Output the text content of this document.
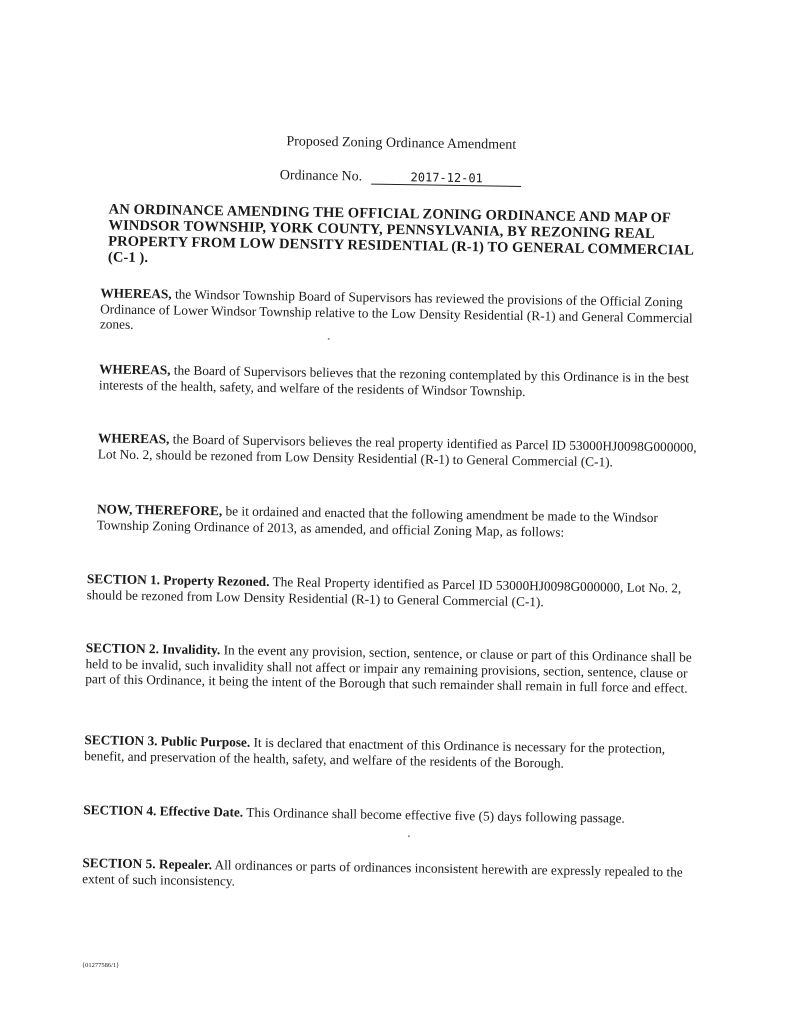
Proposed Zoning Ordinance Amendment
Ordinance No.	2017-12-01
AN ORDINANCE AMENDING THE OFFICIAL ZONING ORDINANCE AND MAP OF WINDSOR TOWNSHIP, YORK COUNTY, PENNSYLVANIA, BY REZONING REAL PROPERTY FROM LOW DENSITY RESIDENTIAL (R-1) TO GENERAL COMMERCIAL (C-1 ).
WHEREAS, the Windsor Township Board of Supervisors has reviewed the provisions of the Official Zoning Ordinance of Lower Windsor Township relative to the Low Density Residential (R-1) and General Commercial zones.
WHEREAS, the Board of Supervisors believes that the rezoning contemplated by this Ordinance is in the best interests of the health, safety, and welfare of the residents of Windsor Township.
WHEREAS, the Board of Supervisors believes the real property identified as Parcel ID 53000HJ0098G000000, Lot No. 2, should be rezoned from Low Density Residential (R-1) to General Commercial (C-1).
NOW, THEREFORE, be it ordained and enacted that the following amendment be made to the Windsor Township Zoning Ordinance of 2013, as amended, and official Zoning Map, as follows:
SECTION 1. Property Rezoned. The Real Property identified as Parcel ID 53000HJ0098G000000, Lot No. 2, should be rezoned from Low Density Residential (R-1) to General Commercial (C-1).
SECTION 2. Invalidity. In the event any provision, section, sentence, or clause or part of this Ordinance shall be held to be invalid, such invalidity shall not affect or impair any remaining provisions, section, sentence, clause or part of this Ordinance, it being the intent of the Borough that such remainder shall remain in full force and effect.
SECTION 3. Public Purpose. It is declared that enactment of this Ordinance is necessary for the protection, benefit, and preservation of the health, safety, and welfare of the residents of the Borough.
SECTION 4. Effective Date. This Ordinance shall become effective five (5) days following passage.
SECTION 5. Repealer. All ordinances or parts of ordinances inconsistent herewith are expressly repealed to the extent of such inconsistency.
{01277586/1}
